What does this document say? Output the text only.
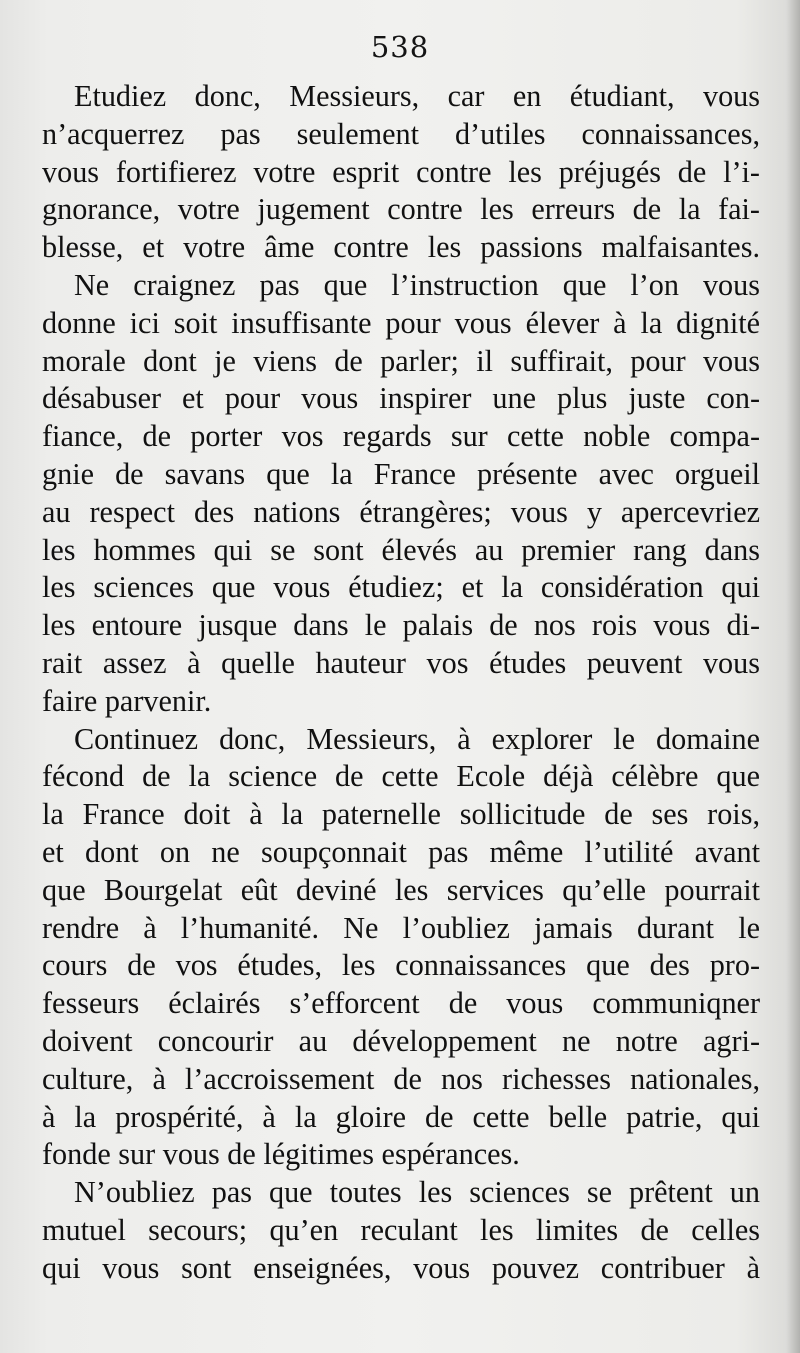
538
Etudiez donc, Messieurs, car en étudiant, vous
n’acquerrez pas seulement d’utiles connaissances,
vous fortifierez votre esprit contre les préjugés de l’i-
gnorance, votre jugement contre les erreurs de la fai-
blesse, et votre âme contre les passions malfaisantes.
Ne craignez pas que l’instruction que l’on vous
donne ici soit insuffisante pour vous élever à la dignité
morale dont je viens de parler; il suffirait, pour vous
désabuser et pour vous inspirer une plus juste con-
fiance, de porter vos regards sur cette noble compa-
gnie de savans que la France présente avec orgueil
au respect des nations étrangères; vous y apercevriez
les hommes qui se sont élevés au premier rang dans
les sciences que vous étudiez; et la considération qui
les entoure jusque dans le palais de nos rois vous di-
rait assez à quelle hauteur vos études peuvent vous
faire parvenir.
Continuez donc, Messieurs, à explorer le domaine
fécond de la science de cette Ecole déjà célèbre que
la France doit à la paternelle sollicitude de ses rois,
et dont on ne soupçonnait pas même l’utilité avant
que Bourgelat eût deviné les services qu’elle pourrait
rendre à l’humanité. Ne l’oubliez jamais durant le
cours de vos études, les connaissances que des pro-
fesseurs éclairés s’efforcent de vous communiqner
doivent concourir au développement ne notre agri-
culture, à l’accroissement de nos richesses nationales,
à la prospérité, à la gloire de cette belle patrie, qui
fonde sur vous de légitimes espérances.
N’oubliez pas que toutes les sciences se prêtent un
mutuel secours; qu’en reculant les limites de celles
qui vous sont enseignées, vous pouvez contribuer à
